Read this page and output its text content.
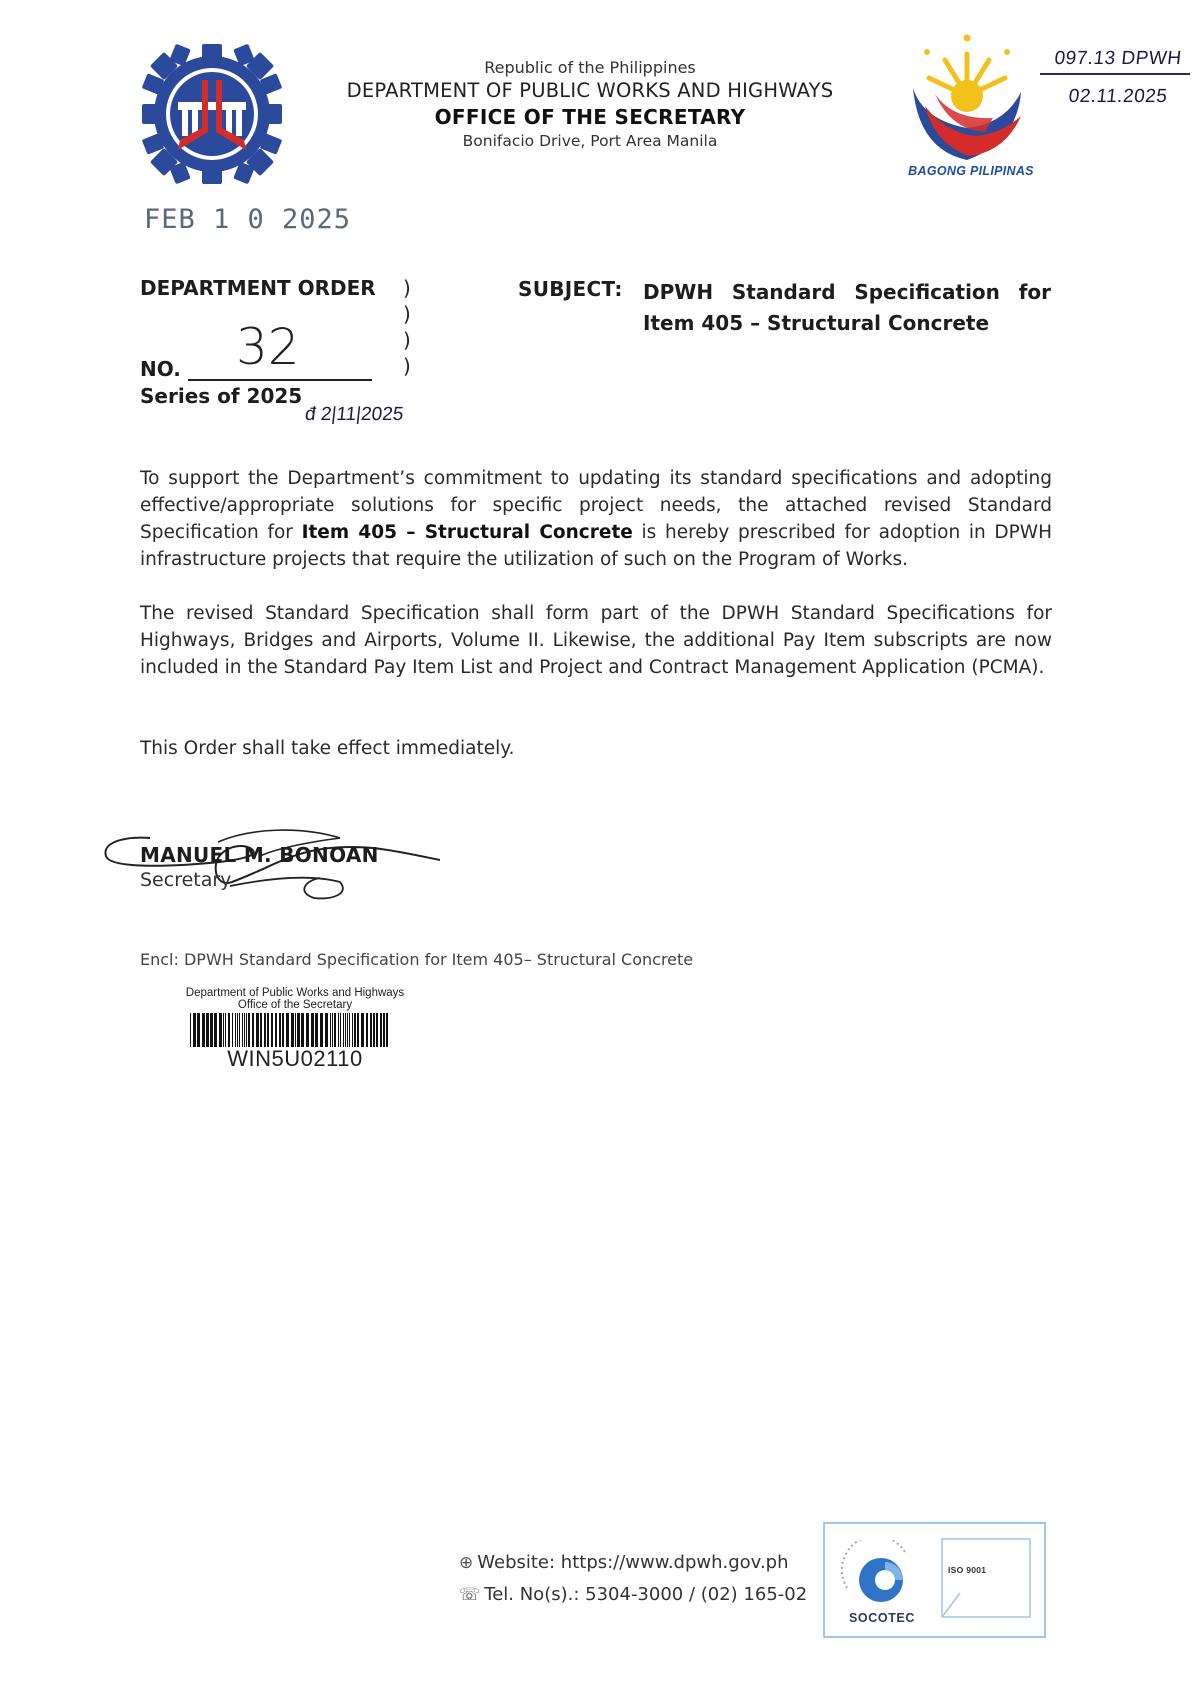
Republic of the Philippines
DEPARTMENT OF PUBLIC WORKS AND HIGHWAYS
OFFICE OF THE SECRETARY
Bonifacio Drive, Port Area Manila
BAGONG PILIPINAS
097.13 DPWH
02.11.2025
FEB 1 0 2025
DEPARTMENT ORDER )
)
)
)
NO. 32
Series of 2025
đ 2|11|2025
SUBJECT: DPWH Standard Specification for
Item 405 – Structural Concrete

To support the Department’s commitment to updating its standard specifications and adopting effective/appropriate solutions for specific project needs, the attached revised Standard Specification for Item 405 – Structural Concrete is hereby prescribed for adoption in DPWH infrastructure projects that require the utilization of such on the Program of Works.

The revised Standard Specification shall form part of the DPWH Standard Specifications for Highways, Bridges and Airports, Volume II. Likewise, the additional Pay Item subscripts are now included in the Standard Pay Item List and Project and Contract Management Application (PCMA).

This Order shall take effect immediately.

MANUEL M. BONOAN
Secretary
Encl: DPWH Standard Specification for Item 405– Structural Concrete
Department of Public Works and Highways
Office of the Secretary
WIN5U02110
⊕ Website: https://www.dpwh.gov.ph
☏ Tel. No(s).: 5304-3000 / (02) 165-02
ISO 9001
SOCOTEC
